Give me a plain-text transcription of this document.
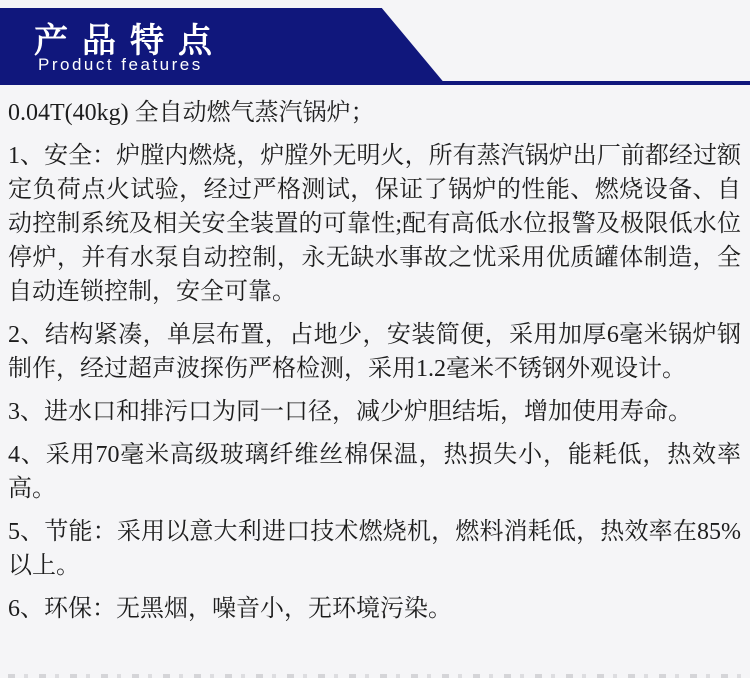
产品特点
Product features

0.04T(40kg) 全自动燃气蒸汽锅炉；

1、安全：炉膛内燃烧，炉膛外无明火，所有蒸汽锅炉出厂前都经过额定负荷点火试验，经过严格测试，保证了锅炉的性能、燃烧设备、自动控制系统及相关安全装置的可靠性;配有高低水位报警及极限低水位停炉，并有水泵自动控制，永无缺水事故之忧采用优质罐体制造，全自动连锁控制，安全可靠。

2、结构紧凑，单层布置，占地少，安装简便，采用加厚6毫米锅炉钢制作，经过超声波探伤严格检测，采用1.2毫米不锈钢外观设计。

3、进水口和排污口为同一口径，减少炉胆结垢，增加使用寿命。

4、采用70毫米高级玻璃纤维丝棉保温，热损失小，能耗低，热效率高。

5、节能：采用以意大利进口技术燃烧机，燃料消耗低，热效率在85%以上。

6、环保：无黑烟，噪音小，无环境污染。
